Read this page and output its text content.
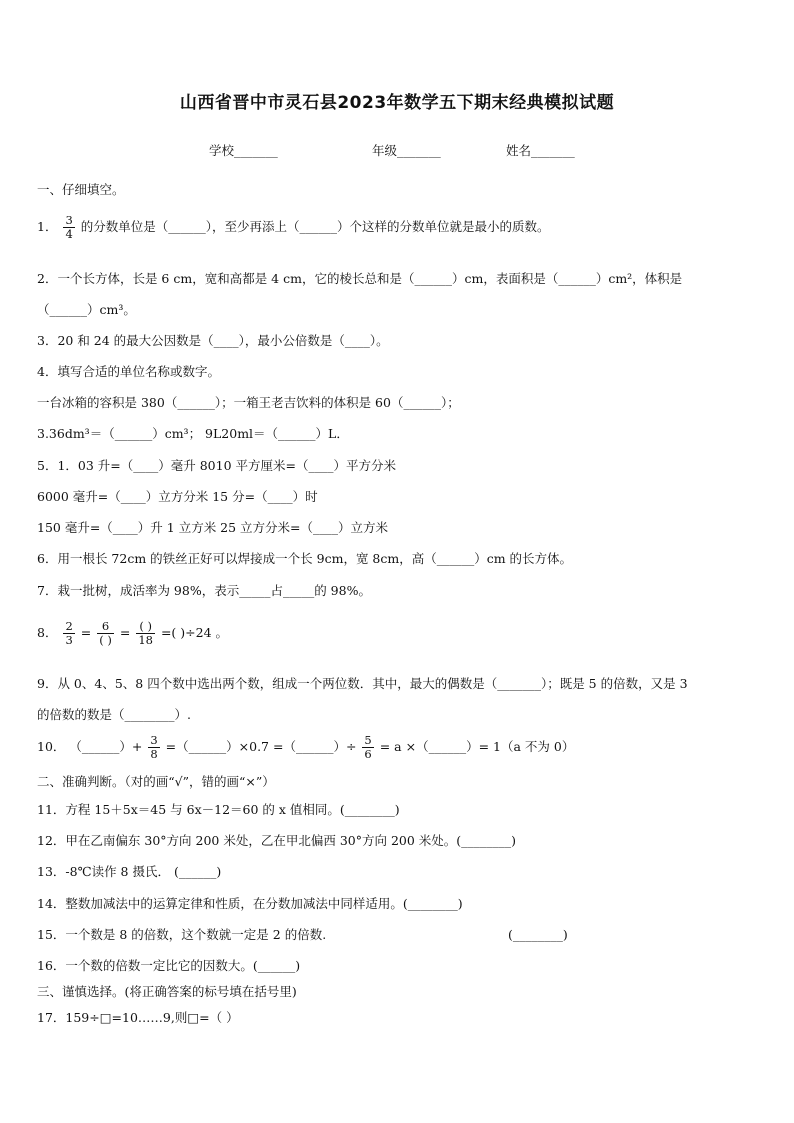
山西省晋中市灵石县2023年数学五下期末经典模拟试题
学校_______	年级_______	姓名_______
一、仔细填空。
1． $\frac{3}{4}$ 的分数单位是（______），至少再添上（______）个这样的分数单位就是最小的质数。
2．一个长方体，长是 6 cm，宽和高都是 4 cm，它的棱长总和是（______）cm，表面积是（______）cm²，体积是
（______）cm³。
3．20 和 24 的最大公因数是（____），最小公倍数是（____）。
4．填写合适的单位名称或数字。
一台冰箱的容积是 380（______）；一箱王老吉饮料的体积是 60（______）；
3.36dm³＝（______）cm³； 9L20ml＝（______）L．
5．1．03 升=（____）毫升 8010 平方厘米=（____）平方分米
6000 毫升=（____）立方分米 15 分=（____）时
150 毫升=（____）升 1 立方米 25 立方分米=（____）立方米
6．用一根长 72cm 的铁丝正好可以焊接成一个长 9cm，宽 8cm，高（______）cm 的长方体。
7．栽一批树，成活率为 98%，表示_____占_____的 98%。
8． $\frac{2}{3} = \frac{6}{( )} = \frac{( )}{18}$ =( )÷24 。
9．从 0、4、5、8 四个数中选出两个数，组成一个两位数．其中，最大的偶数是（_______）；既是 5 的倍数，又是 3
的倍数的数是（________）.
10． （______）+ $\frac{3}{8}$ =（______）×0.7 =（______）÷ $\frac{5}{6} = a$ ×（______）= 1（a 不为 0）
二、准确判断。（对的画“√”，错的画“×”）
11．方程 15＋5x＝45 与 6x－12＝60 的 x 值相同。(________)
12．甲在乙南偏东 30°方向 200 米处，乙在甲北偏西 30°方向 200 米处。(________)
13．-8℃读作 8 摄氏． (______)
14．整数加减法中的运算定律和性质，在分数加减法中同样适用。(________)
15．一个数是 8 的倍数，这个数就一定是 2 的倍数.	(________)
16．一个数的倍数一定比它的因数大。(______)
三、谨慎选择。(将正确答案的标号填在括号里)
17．159÷□=10……9,则□=（ ）
